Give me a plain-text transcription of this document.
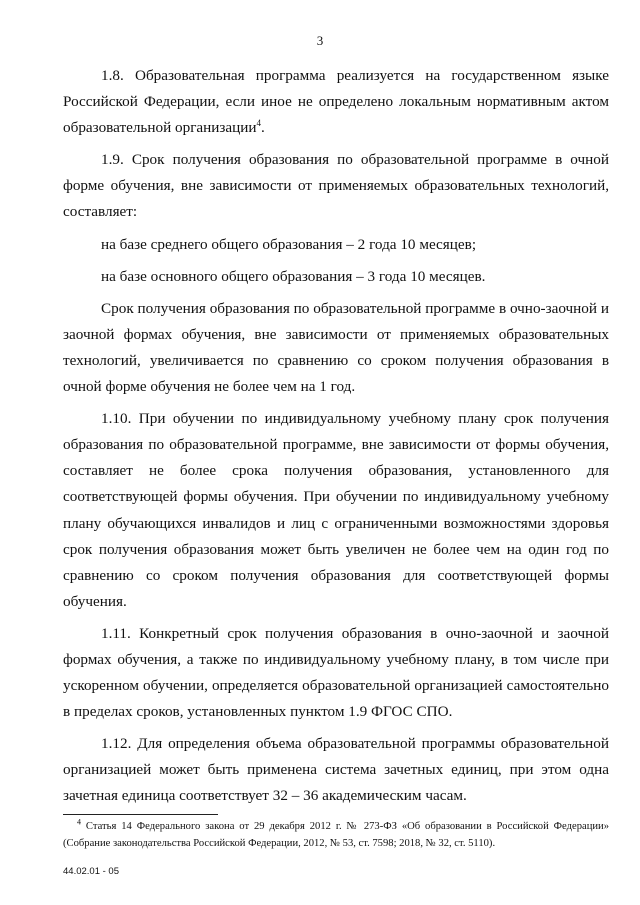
3

1.8. Образовательная программа реализуется на государственном языке Российской Федерации, если иное не определено локальным нормативным актом образовательной организации$^4$.

1.9. Срок получения образования по образовательной программе в очной форме обучения, вне зависимости от применяемых образовательных технологий, составляет:

на базе среднего общего образования – 2 года 10 месяцев;

на базе основного общего образования – 3 года 10 месяцев.

Срок получения образования по образовательной программе в очно-заочной и заочной формах обучения, вне зависимости от применяемых образовательных технологий, увеличивается по сравнению со сроком получения образования в очной форме обучения не более чем на 1 год.

1.10. При обучении по индивидуальному учебному плану срок получения образования по образовательной программе, вне зависимости от формы обучения, составляет не более срока получения образования, установленного для соответствующей формы обучения. При обучении по индивидуальному учебному плану обучающихся инвалидов и лиц с ограниченными возможностями здоровья срок получения образования может быть увеличен не более чем на один год по сравнению со сроком получения образования для соответствующей формы обучения.

1.11. Конкретный срок получения образования в очно-заочной и заочной формах обучения, а также по индивидуальному учебному плану, в том числе при ускоренном обучении, определяется образовательной организацией самостоятельно в пределах сроков, установленных пунктом 1.9 ФГОС СПО.

1.12. Для определения объема образовательной программы образовательной организацией может быть применена система зачетных единиц, при этом одна зачетная единица соответствует 32 – 36 академическим часам.

$^4$ Статья 14 Федерального закона от 29 декабря 2012 г. № 273-ФЗ «Об образовании в Российской Федерации» (Собрание законодательства Российской Федерации, 2012, № 53, ст. 7598; 2018, № 32, ст. 5110).

44.02.01 - 05
